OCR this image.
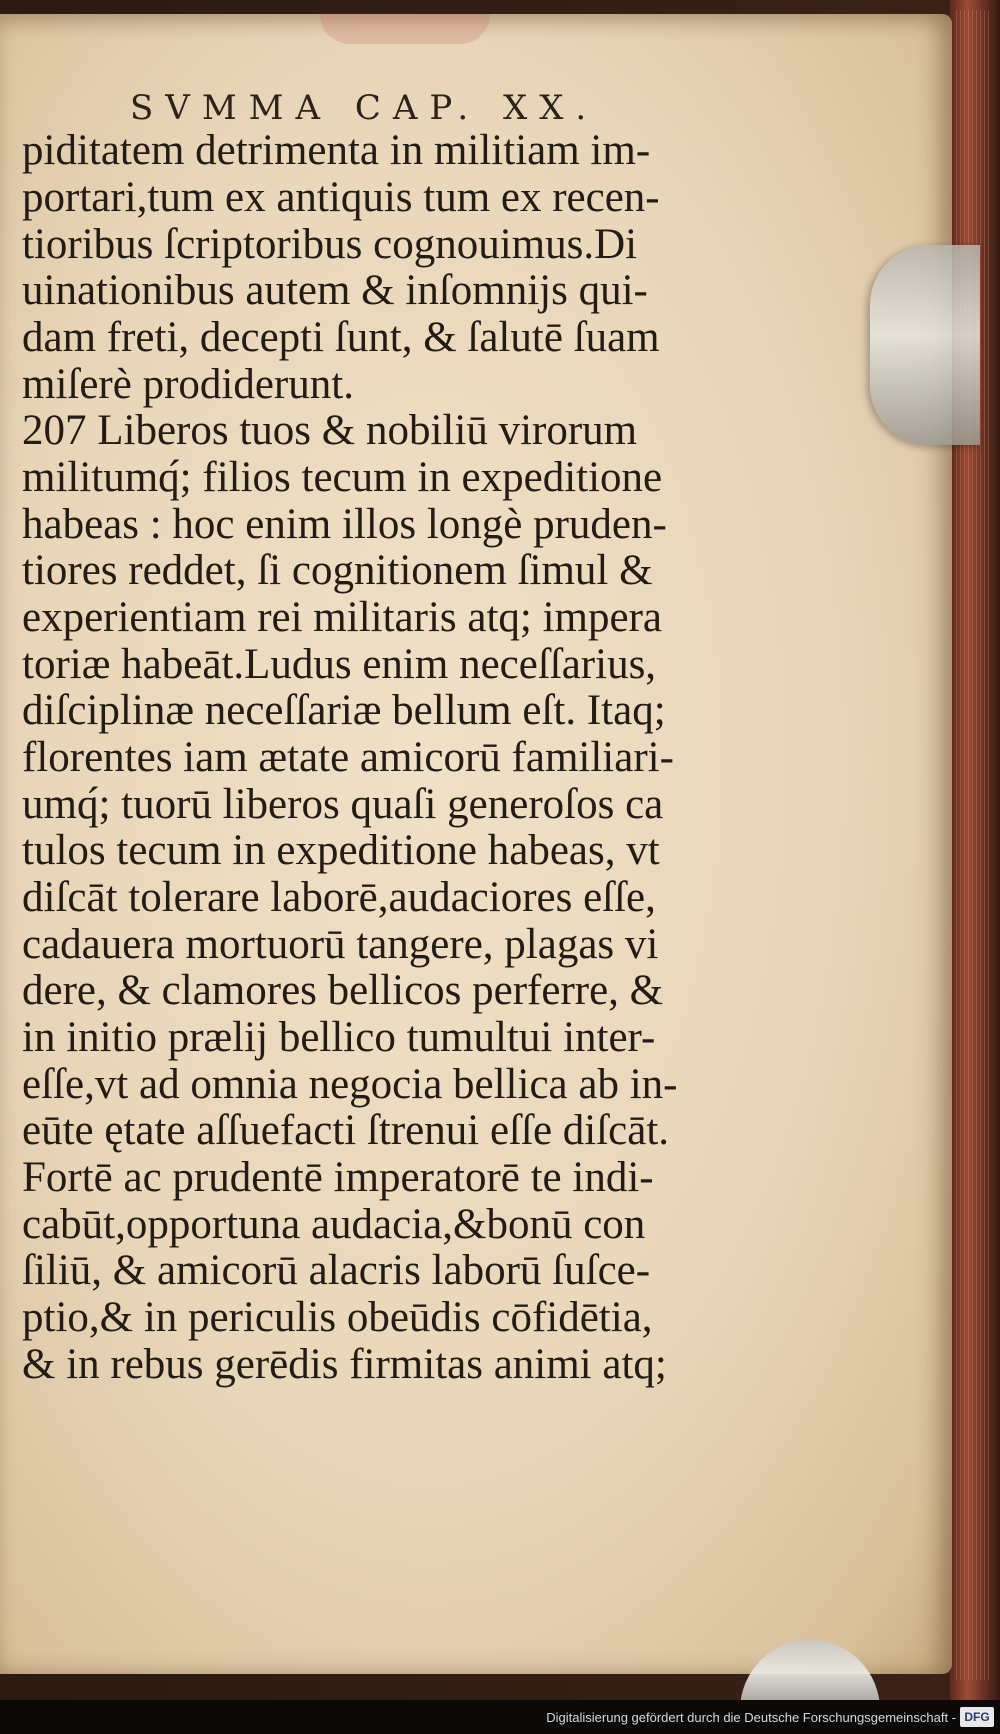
SVMMA CAP. XX.
piditatem detrimenta in militiam im-
portari,tum ex antiquis tum ex recen-
tioribus ſcriptoribus cognouimus.Di
uinationibus autem & inſomnijs qui-
dam freti, decepti ſunt, & ſalutē ſuam
miſerè prodiderunt.
207 Liberos tuos & nobiliū virorum
militumq́; filios tecum in expeditione
habeas : hoc enim illos longè pruden-
tiores reddet, ſi cognitionem ſimul &
experientiam rei militaris atq; impera
toriæ habeāt.Ludus enim neceſſarius,
diſciplinæ neceſſariæ bellum eſt. Itaq;
florentes iam ætate amicorū familiari-
umq́; tuorū liberos quaſi generoſos ca
tulos tecum in expeditione habeas, vt
diſcāt tolerare laborē,audaciores eſſe,
cadauera mortuorū tangere, plagas vi
dere, & clamores bellicos perferre, &
in initio prælij bellico tumultui inter-
eſſe,vt ad omnia negocia bellica ab in-
eūte ętate aſſuefacti ſtrenui eſſe diſcāt.
Fortē ac prudentē imperatorē te indi-
cabūt,opportuna audacia,&bonū con
ſiliū, & amicorū alacris laborū ſuſce-
ptio,& in periculis obeūdis cōfidētia,
& in rebus gerēdis firmitas animi atq;
Digitalisierung gefördert durch die Deutsche Forschungsgemeinschaft - DFG
